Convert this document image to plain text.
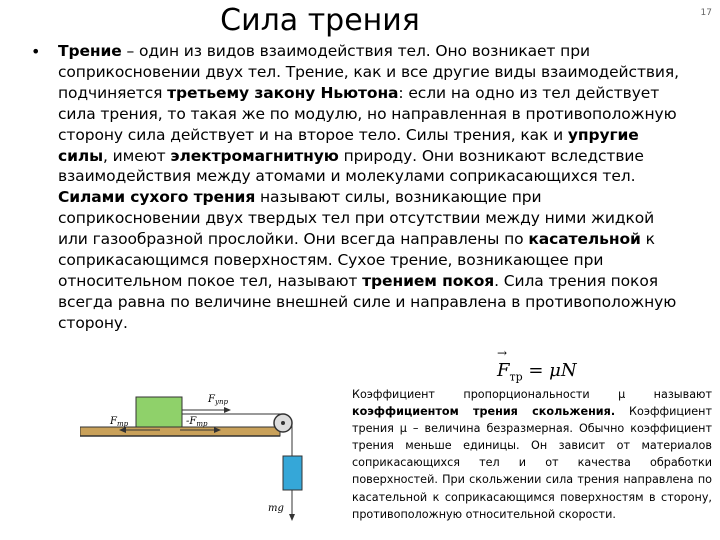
Сила трения	17
• Трение – один из видов взаимодействия тел. Оно возникает при соприкосновении двух тел. Трение, как и все другие виды взаимодействия, подчиняется третьему закону Ньютона: если на одно из тел действует сила трения, то такая же по модулю, но направленная в противоположную сторону сила действует и на второе тело. Силы трения, как и упругие силы, имеют электромагнитную природу. Они возникают вследствие взаимодействия между атомами и молекулами соприкасающихся тел. Силами сухого трения называют силы, возникающие при соприкосновении двух твердых тел при отсутствии между ними жидкой или газообразной прослойки. Они всегда направлены по касательной к соприкасающимся поверхностям. Сухое трение, возникающее при относительном покое тел, называют трением покоя. Сила трения покоя всегда равна по величине внешней силе и направлена в противоположную сторону.
→ $F_{тр} = \mu N$
Коэффициент пропорциональности μ называют коэффициентом трения скольжения. Коэффициент трения μ – величина безразмерная. Обычно коэффициент трения меньше единицы. Он зависит от материалов соприкасающихся тел и от качества обработки поверхностей. При скольжении сила трения направлена по касательной к соприкасающимся поверхностям в сторону, противоположную относительной скорости.
$F_{упр}$
$F_{тр}$	$-F_{тр}$
mg
